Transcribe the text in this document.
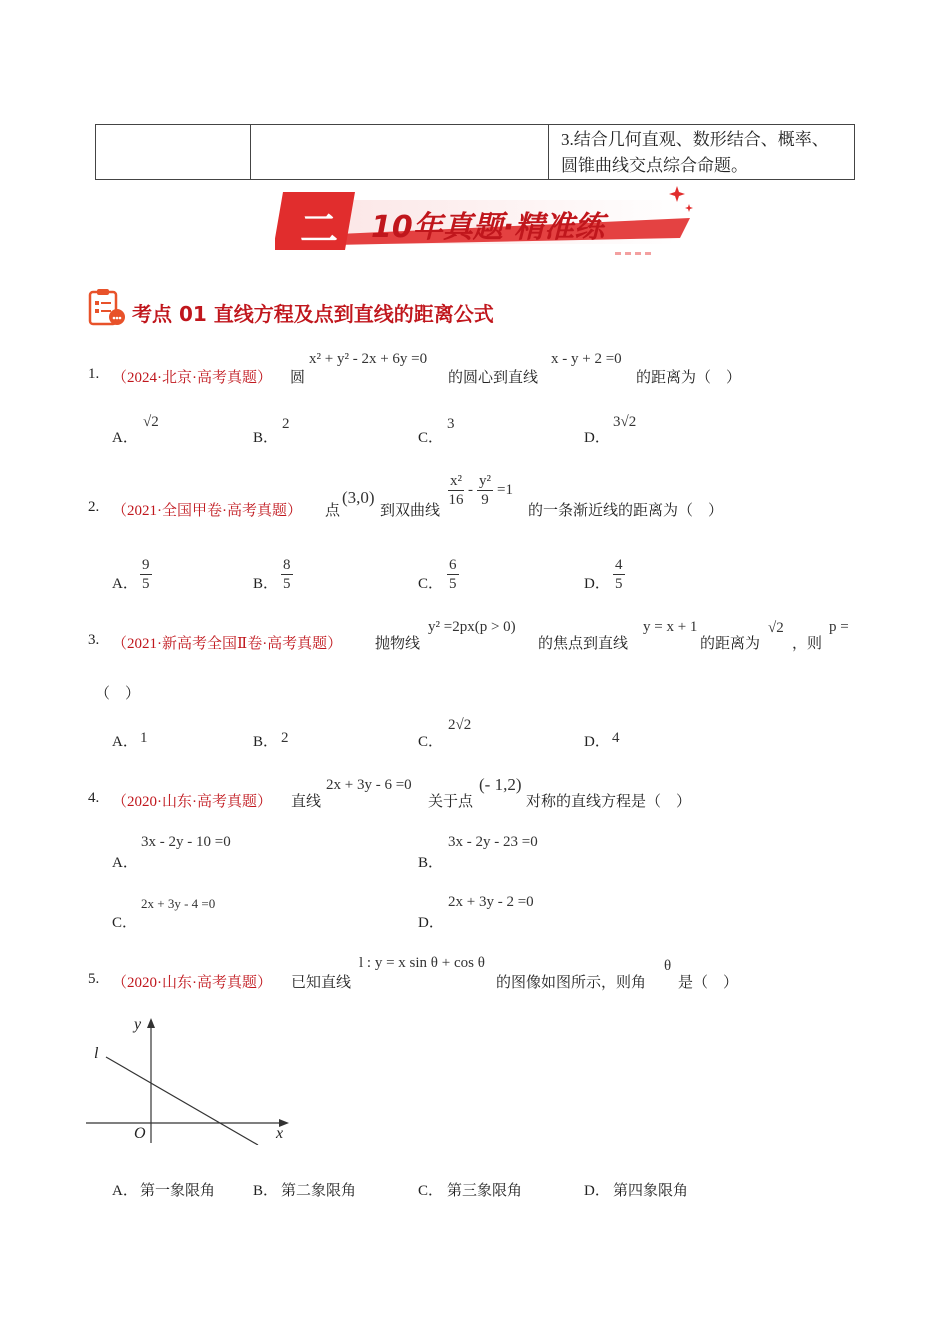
		3.结合几何直观、数形结合、概率、圆锥曲线交点综合命题。
二	10年真题·精准练
考点 01 直线方程及点到直线的距离公式
1. （2024·北京·高考真题） 圆
x² + y² - 2x + 6y =0
的圆心到直线
x - y + 2 =0
的距离为（　）
A．
√2
B．
2
C．
3
D．
3√2
2. （2021·全国甲卷·高考真题） 点
(3,0)
到双曲线
$\frac{\text{x²}}{16} - \frac{\text{y²}}{9} =1$
的一条渐近线的距离为（　）
A． $\frac{9}{5}$	B． $\frac{8}{5}$	C． $\frac{6}{5}$	D． $\frac{4}{5}$
3. （2021·新高考全国Ⅱ卷·高考真题） 抛物线
y² =2px(p > 0)
的焦点到直线
y = x + 1
的距离为
√2
，则
p =
（　）
A． 1	B． 2	C．
2√2
D． 4
4. （2020·山东·高考真题） 直线
2x + 3y - 6 =0
关于点
(- 1,2)
对称的直线方程是（　）
A．
3x - 2y - 10 =0
B．
3x - 2y - 23 =0
C．
2x + 3y - 4 =0
D．
2x + 3y - 2 =0
5. （2020·山东·高考真题） 已知直线
l : y = x sin θ + cos θ
的图像如图所示，则角
θ
是（　）
y
l
O	x
A． 第一象限角	B． 第二象限角	C． 第三象限角	D． 第四象限角
